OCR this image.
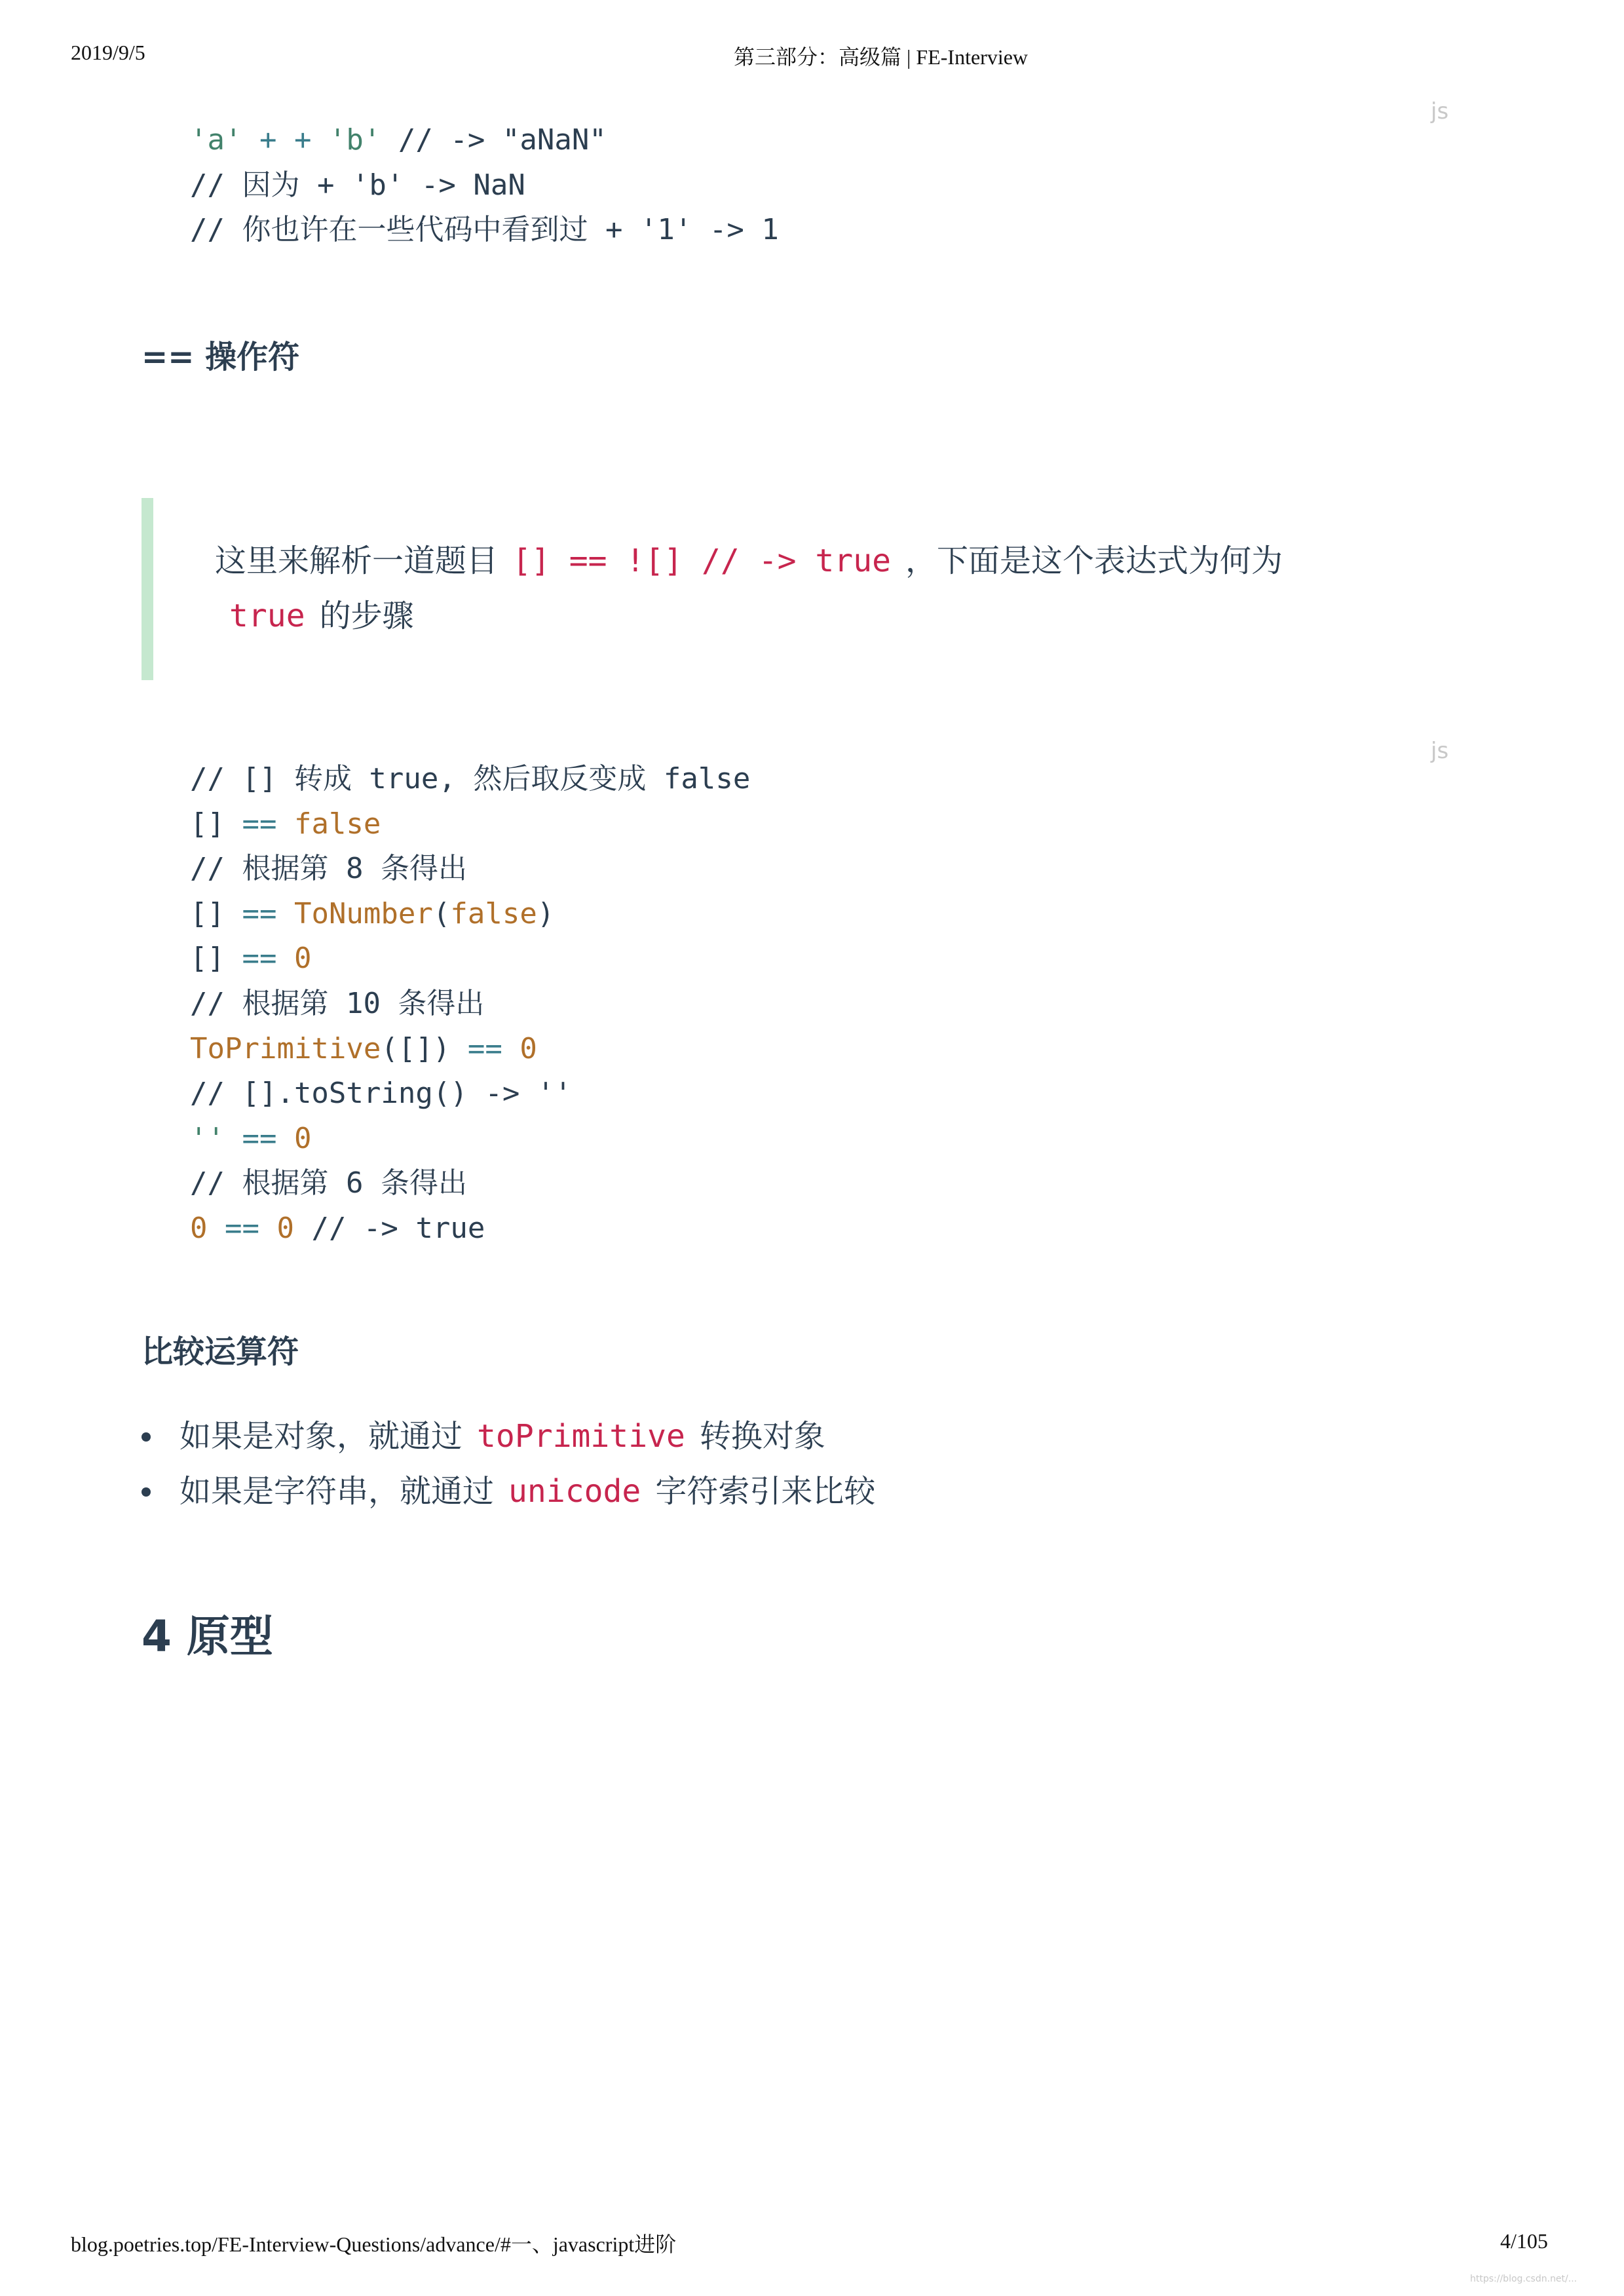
2019/9/5	第三部分：高级篇 | FE-Interview
js
'a' + + 'b' // -> "aNaN"
// 因为 + 'b' -> NaN
// 你也许在一些代码中看到过 + '1' -> 1
== 操作符
这里来解析一道题目 [] == ![] // -> true ，下面是这个表达式为何为
true 的步骤
js
// [] 转成 true, 然后取反变成 false
[] == false
// 根据第 8 条得出
[] == ToNumber(false)
[] == 0
// 根据第 10 条得出
ToPrimitive([]) == 0
// [].toString() -> ''
'' == 0
// 根据第 6 条得出
0 == 0 // -> true
比较运算符
如果是对象，就通过 toPrimitive 转换对象
如果是字符串，就通过 unicode 字符索引来比较
4 原型
blog.poetries.top/FE-Interview-Questions/advance/#一、javascript进阶	4/105
https://blog.csdn.net/...
